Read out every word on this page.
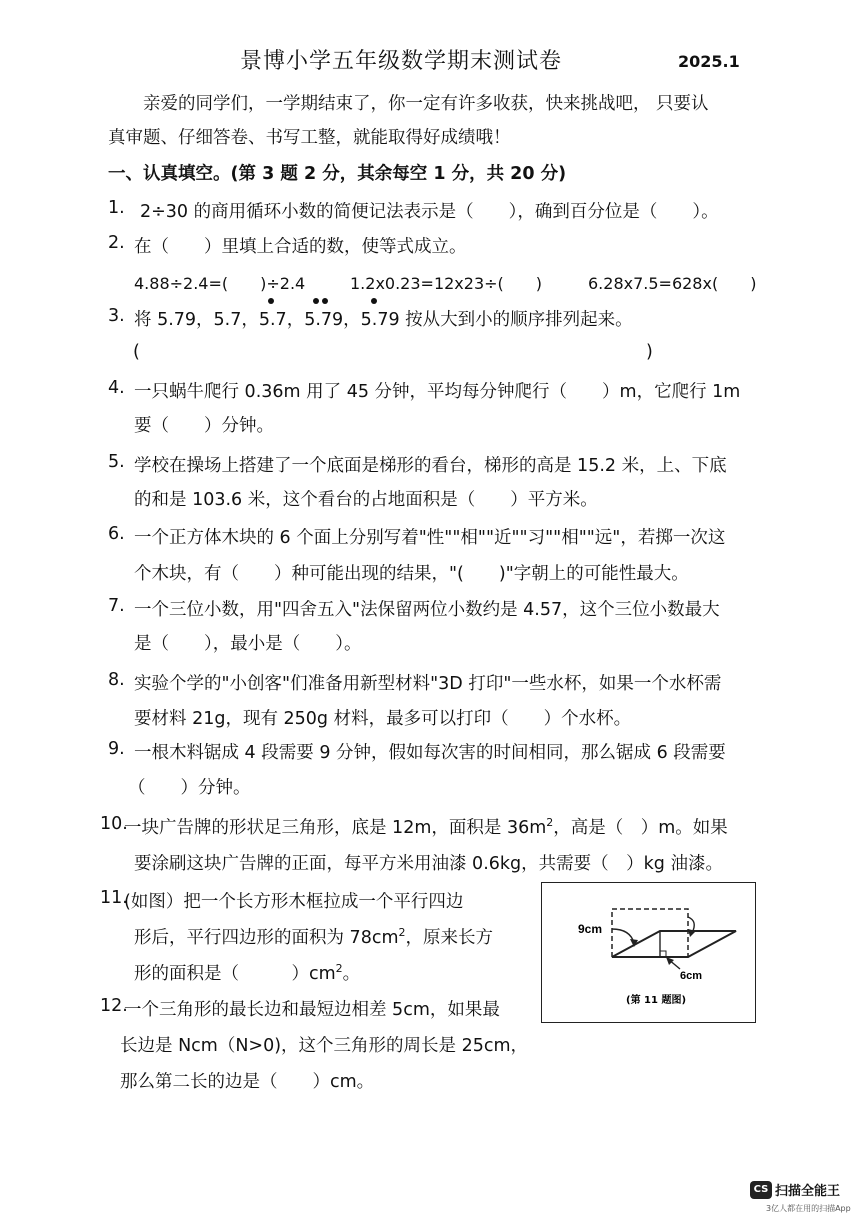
景博小学五年级数学期末测试卷	2025.1
亲爱的同学们，一学期结束了，你一定有许多收获，快来挑战吧， 只要认
真审题、仔细答卷、书写工整，就能取得好成绩哦！
一、认真填空。(第 3 题 2 分，其余每空 1 分，共 20 分)
1. 2÷30 的商用循环小数的简便记法表示是（　　），确到百分位是（　　）。
2. 在（　　）里填上合适的数，使等式成立。
4.88÷2.4=(　　)÷2.4	1.2x0.23=12x23÷(　　)	6.28x7.5=628x(　　)
3. 将 5.79，5.7，5.7，5.79，5.79 按从大到小的顺序排列起来。
(	)
4. 一只蜗牛爬行 0.36m 用了 45 分钟，平均每分钟爬行（　　）m，它爬行 1m
要（　　）分钟。
5. 学校在操场上搭建了一个底面是梯形的看台，梯形的高是 15.2 米，上、下底
的和是 103.6 米，这个看台的占地面积是（　　）平方米。
6. 一个正方体木块的 6 个面上分别写着"性""相""近""习""相""远"，若掷一次这
个木块，有（　　）种可能出现的结果，"(　　)"字朝上的可能性最大。
7. 一个三位小数，用"四舍五入"法保留两位小数约是 4.57，这个三位小数最大
是（　　），最小是（　　）。
8. 实验个学的"小创客"们准备用新型材料"3D 打印"一些水杯，如果一个水杯需
要材料 21g，现有 250g 材料，最多可以打印（　　）个水杯。
9. 一根木料锯成 4 段需要 9 分钟，假如每次害的时间相同，那么锯成 6 段需要
（　　）分钟。
10.
一块广告牌的形状足三角形，底是 12m，面积是 $36m^2$，高是（　）m。如果
要涂刷这块广告牌的正面，每平方米用油漆 0.6kg，共需要（　）kg 油漆。
11.
(如图）把一个长方形木框拉成一个平行四边
形后，平行四边形的面积为 $78cm^2$，原来长方
形的面积是（　　　）$cm^2$。
12.
一个三角形的最长边和最短边相差 5cm，如果最
长边是 Ncm（N>0)，这个三角形的周长是 25cm，
那么第二长的边是（　　）cm。
9cm
6cm
(第 11 题图)
CS 扫描全能王
3亿人都在用的扫描App
